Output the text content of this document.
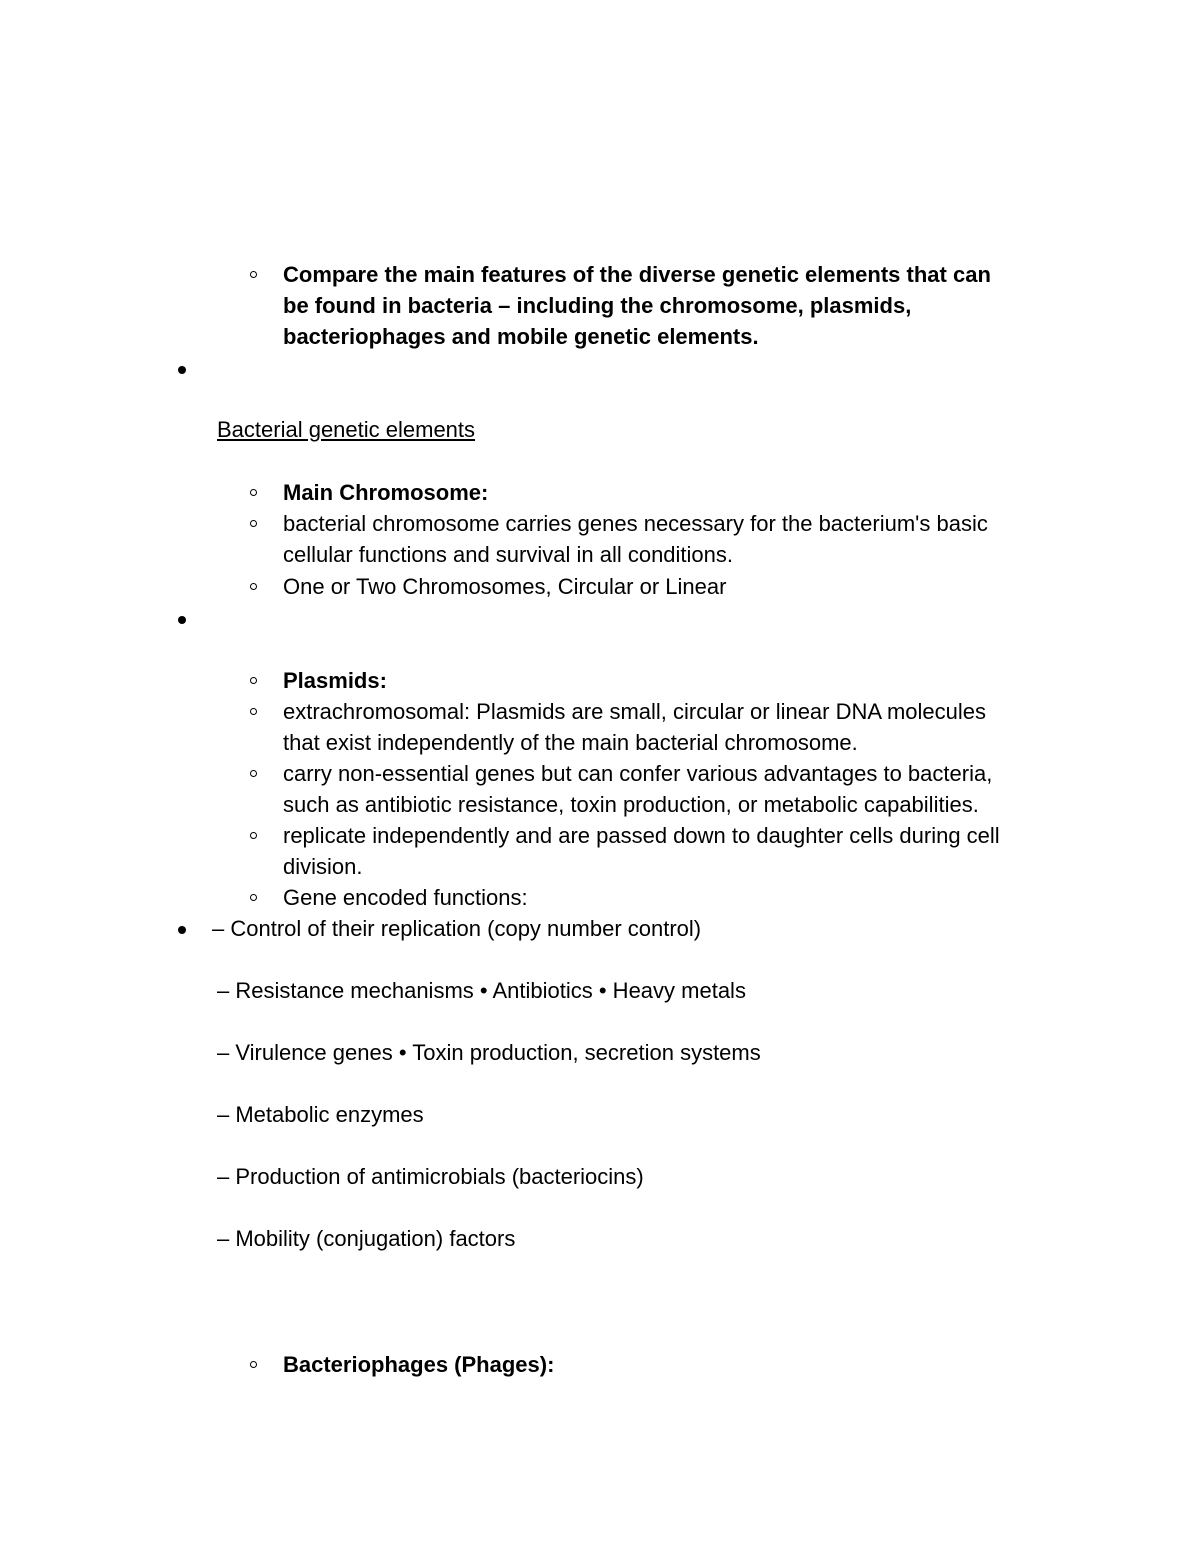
Compare the main features of the diverse genetic elements that can
be found in bacteria – including the chromosome, plasmids,
bacteriophages and mobile genetic elements.
Bacterial genetic elements
Main Chromosome:
bacterial chromosome carries genes necessary for the bacterium's basic
cellular functions and survival in all conditions.
One or Two Chromosomes, Circular or Linear
Plasmids:
extrachromosomal: Plasmids are small, circular or linear DNA molecules
that exist independently of the main bacterial chromosome.
carry non-essential genes but can confer various advantages to bacteria,
such as antibiotic resistance, toxin production, or metabolic capabilities.
replicate independently and are passed down to daughter cells during cell
division.
Gene encoded functions:
– Control of their replication (copy number control)
– Resistance mechanisms • Antibiotics • Heavy metals
– Virulence genes • Toxin production, secretion systems
– Metabolic enzymes
– Production of antimicrobials (bacteriocins)
– Mobility (conjugation) factors
Bacteriophages (Phages):
